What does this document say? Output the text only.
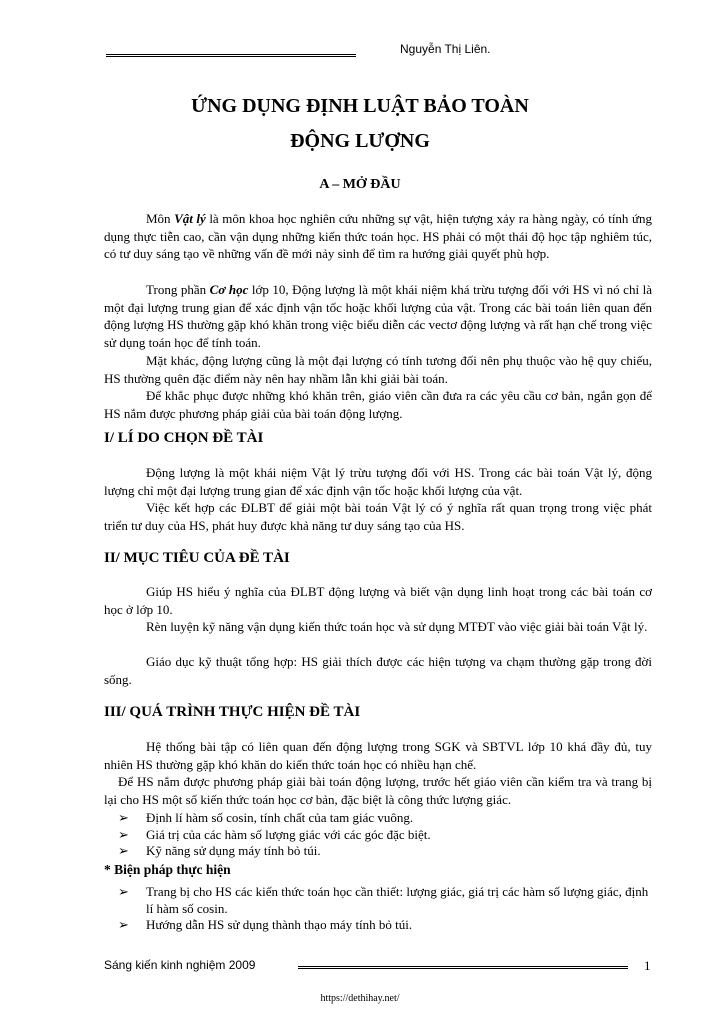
Nguyễn Thị Liên.
ỨNG DỤNG ĐỊNH LUẬT BẢO TOÀN
ĐỘNG LƯỢNG
A – MỞ ĐẦU
Môn Vật lý là môn khoa học nghiên cứu những sự vật, hiện tượng xảy ra hàng ngày, có tính ứng dụng thực tiễn cao, cần vận dụng những kiến thức toán học. HS phải có một thái độ học tập nghiêm túc, có tư duy sáng tạo về những vấn đề mới nảy sinh để tìm ra hướng giải quyết phù hợp.
Trong phần Cơ học lớp 10, Động lượng là một khái niệm khá trừu tượng đối với HS vì nó chỉ là một đại lượng trung gian để xác định vận tốc hoặc khối lượng của vật. Trong các bài toán liên quan đến động lượng HS thường gặp khó khăn trong việc biểu diễn các vectơ động lượng và rất hạn chế trong việc sử dụng toán học để tính toán.
Mặt khác, động lượng cũng là một đại lượng có tính tương đối nên phụ thuộc vào hệ quy chiếu, HS thường quên đặc điểm này nên hay nhầm lẫn khi giải bài toán.
Để khắc phục được những khó khăn trên, giáo viên cần đưa ra các yêu cầu cơ bản, ngắn gọn để HS nắm được phương pháp giải của bài toán động lượng.
I/ LÍ DO CHỌN ĐỀ TÀI
Động lượng là một khái niệm Vật lý trừu tượng đối với HS. Trong các bài toán Vật lý, động lượng chỉ một đại lượng trung gian để xác định vận tốc hoặc khối lượng của vật.
Việc kết hợp các ĐLBT để giải một bài toán Vật lý có ý nghĩa rất quan trọng trong việc phát triển tư duy của HS, phát huy được khả năng tư duy sáng tạo của HS.
II/ MỤC TIÊU CỦA ĐỀ TÀI
Giúp HS hiểu ý nghĩa của ĐLBT động lượng và biết vận dụng linh hoạt trong các bài toán cơ học ở lớp 10.
Rèn luyện kỹ năng vận dụng kiến thức toán học và sử dụng MTĐT vào việc giải bài toán Vật lý.
Giáo dục kỹ thuật tổng hợp: HS giải thích được các hiện tượng va chạm thường gặp trong đời sống.
III/ QUÁ TRÌNH THỰC HIỆN ĐỀ TÀI
Hệ thống bài tập có liên quan đến động lượng trong SGK và SBTVL lớp 10 khá đầy đủ, tuy nhiên HS thường gặp khó khăn do kiến thức toán học có nhiều hạn chế.
Để HS nắm được phương pháp giải bài toán động lượng, trước hết giáo viên cần kiểm tra và trang bị lại cho HS một số kiến thức toán học cơ bản, đặc biệt là công thức lượng giác.
➢ Định lí hàm số cosin, tính chất của tam giác vuông.
➢ Giá trị của các hàm số lượng giác với các góc đặc biệt.
➢ Kỹ năng sử dụng máy tính bỏ túi.
* Biện pháp thực hiện
➢ Trang bị cho HS các kiến thức toán học cần thiết: lượng giác, giá trị các hàm số lượng giác, định lí hàm số cosin.
➢ Hướng dẫn HS sử dụng thành thạo máy tính bỏ túi.
Sáng kiến kinh nghiệm 2009	1
https://dethihay.net/
